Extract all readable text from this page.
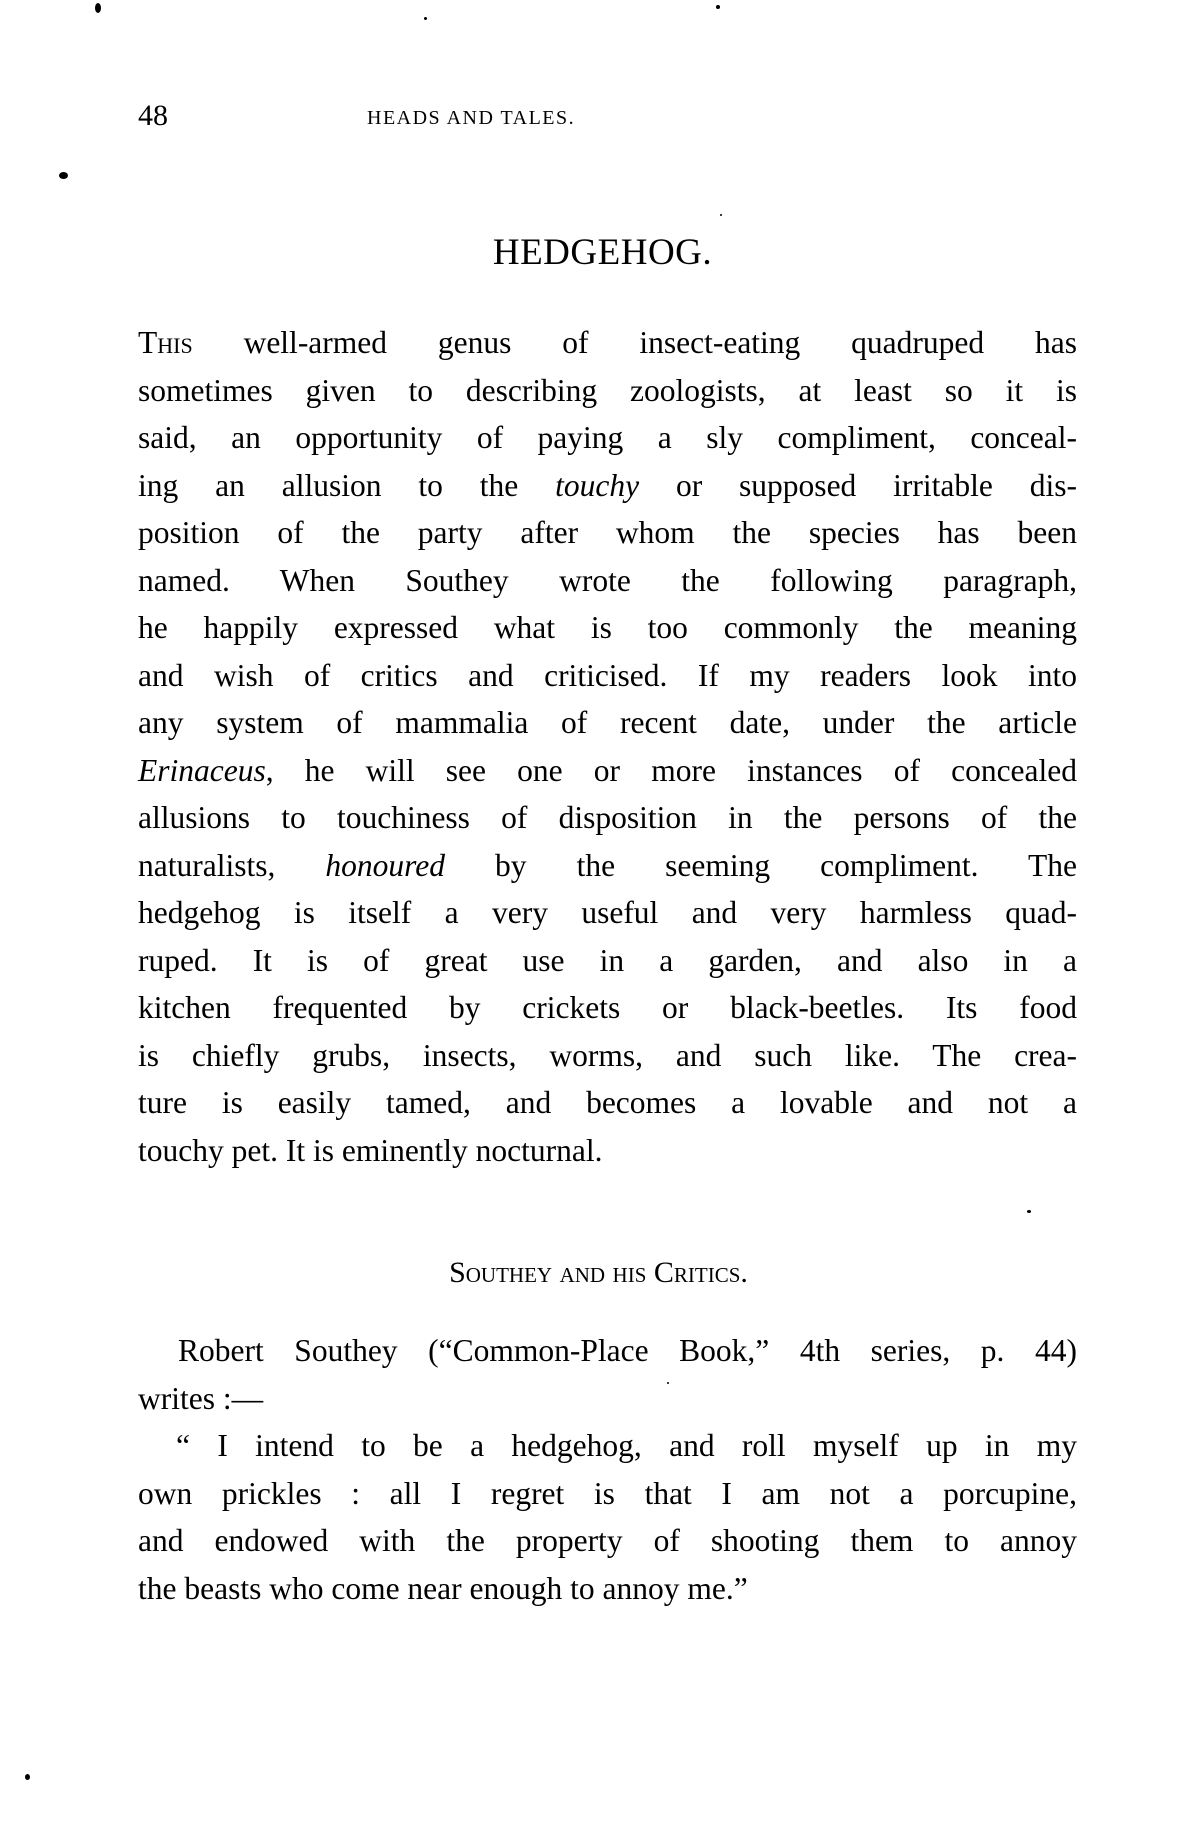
48	HEADS AND TALES.
HEDGEHOG.
This well-armed genus of insect-eating quadruped has
sometimes given to describing zoologists, at least so it is
said, an opportunity of paying a sly compliment, conceal-
ing an allusion to the touchy or supposed irritable dis-
position of the party after whom the species has been
named. When Southey wrote the following paragraph,
he happily expressed what is too commonly the meaning
and wish of critics and criticised. If my readers look into
any system of mammalia of recent date, under the article
Erinaceus, he will see one or more instances of concealed
allusions to touchiness of disposition in the persons of the
naturalists, honoured by the seeming compliment. The
hedgehog is itself a very useful and very harmless quad-
ruped. It is of great use in a garden, and also in a
kitchen frequented by crickets or black-beetles. Its food
is chiefly grubs, insects, worms, and such like. The crea-
ture is easily tamed, and becomes a lovable and not a
touchy pet. It is eminently nocturnal.
Southey and his Critics.
Robert Southey (“Common-Place Book,” 4th series, p. 44)
writes :—
“ I intend to be a hedgehog, and roll myself up in my
own prickles : all I regret is that I am not a porcupine,
and endowed with the property of shooting them to annoy
the beasts who come near enough to annoy me.”
